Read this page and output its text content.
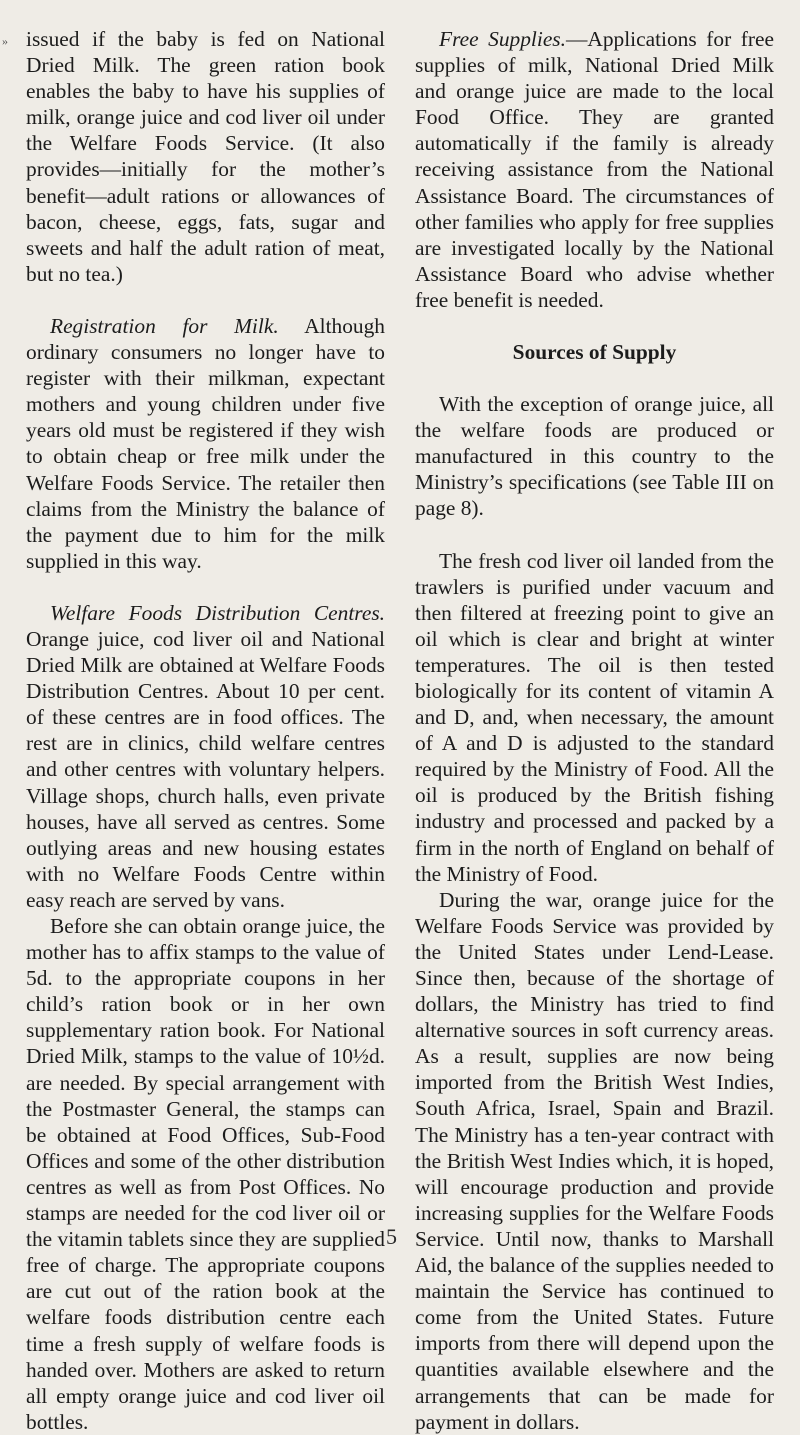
» issued if the baby is fed on National Dried Milk. The green ration book enables the baby to have his supplies of milk, orange juice and cod liver oil under the Welfare Foods Service. (It also provides—initially for the mother’s benefit—adult rations or allowances of bacon, cheese, eggs, fats, sugar and sweets and half the adult ration of meat, but no tea.)

Registration for Milk. Although ordinary consumers no longer have to register with their milkman, expectant mothers and young children under five years old must be registered if they wish to obtain cheap or free milk under the Welfare Foods Service. The retailer then claims from the Ministry the balance of the payment due to him for the milk supplied in this way.

Welfare Foods Distribution Centres. Orange juice, cod liver oil and National Dried Milk are obtained at Welfare Foods Distribution Centres. About 10 per cent. of these centres are in food offices. The rest are in clinics, child welfare centres and other centres with voluntary helpers. Village shops, church halls, even private houses, have all served as centres. Some outlying areas and new housing estates with no Welfare Foods Centre within easy reach are served by vans.

Before she can obtain orange juice, the mother has to affix stamps to the value of 5d. to the appropriate coupons in her child’s ration book or in her own supplementary ration book. For National Dried Milk, stamps to the value of 10½d. are needed. By special arrangement with the Postmaster General, the stamps can be obtained at Food Offices, Sub-Food Offices and some of the other distribution centres as well as from Post Offices. No stamps are needed for the cod liver oil or the vitamin tablets since they are supplied free of charge. The appropriate coupons are cut out of the ration book at the welfare foods distribution centre each time a fresh supply of welfare foods is handed over. Mothers are asked to return all empty orange juice and cod liver oil bottles.

Free Supplies.—Applications for free supplies of milk, National Dried Milk and orange juice are made to the local Food Office. They are granted automatically if the family is already receiving assistance from the National Assistance Board. The circumstances of other families who apply for free supplies are investigated locally by the National Assistance Board who advise whether free benefit is needed.

Sources of Supply

With the exception of orange juice, all the welfare foods are produced or manufactured in this country to the Ministry’s specifications (see Table III on page 8).

The fresh cod liver oil landed from the trawlers is purified under vacuum and then filtered at freezing point to give an oil which is clear and bright at winter temperatures. The oil is then tested biologically for its content of vitamin A and D, and, when necessary, the amount of A and D is adjusted to the standard required by the Ministry of Food. All the oil is produced by the British fishing industry and processed and packed by a firm in the north of England on behalf of the Ministry of Food.

During the war, orange juice for the Welfare Foods Service was provided by the United States under Lend-Lease. Since then, because of the shortage of dollars, the Ministry has tried to find alternative sources in soft currency areas. As a result, supplies are now being imported from the British West Indies, South Africa, Israel, Spain and Brazil. The Ministry has a ten-year contract with the British West Indies which, it is hoped, will encourage production and provide increasing supplies for the Welfare Foods Service. Until now, thanks to Marshall Aid, the balance of the supplies needed to maintain the Service has continued to come from the United States. Future imports from there will depend upon the quantities available elsewhere and the arrangements that can be made for payment in dollars.

5
